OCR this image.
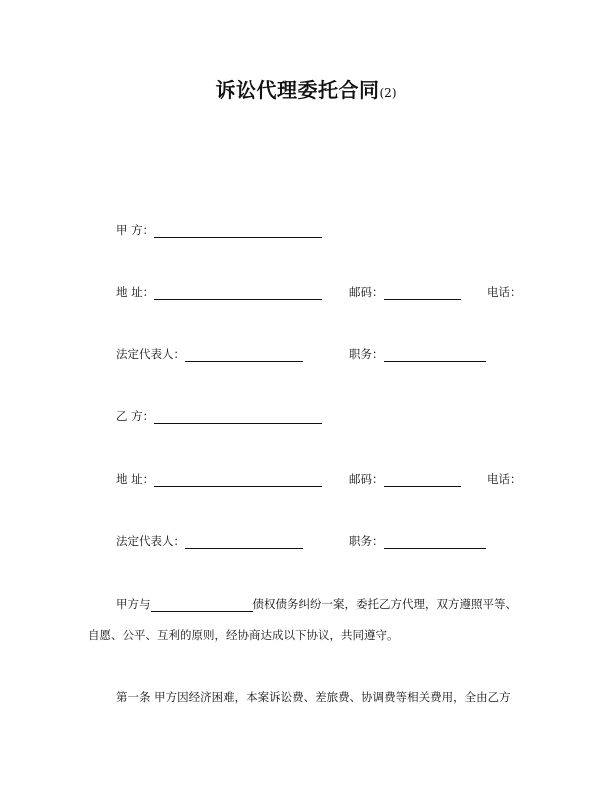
诉讼代理委托合同(2)
甲 方：
地 址：	邮码：	电话：
法定代表人：	职务：
乙 方：
地 址：	邮码：	电话：
法定代表人：	职务：
甲方与	债权债务纠纷一案，委托乙方代理，双方遵照平等、
自愿、公平、互利的原则，经协商达成以下协议，共同遵守。
第一条 甲方因经济困难，本案诉讼费、差旅费、协调费等相关费用，全由乙方
